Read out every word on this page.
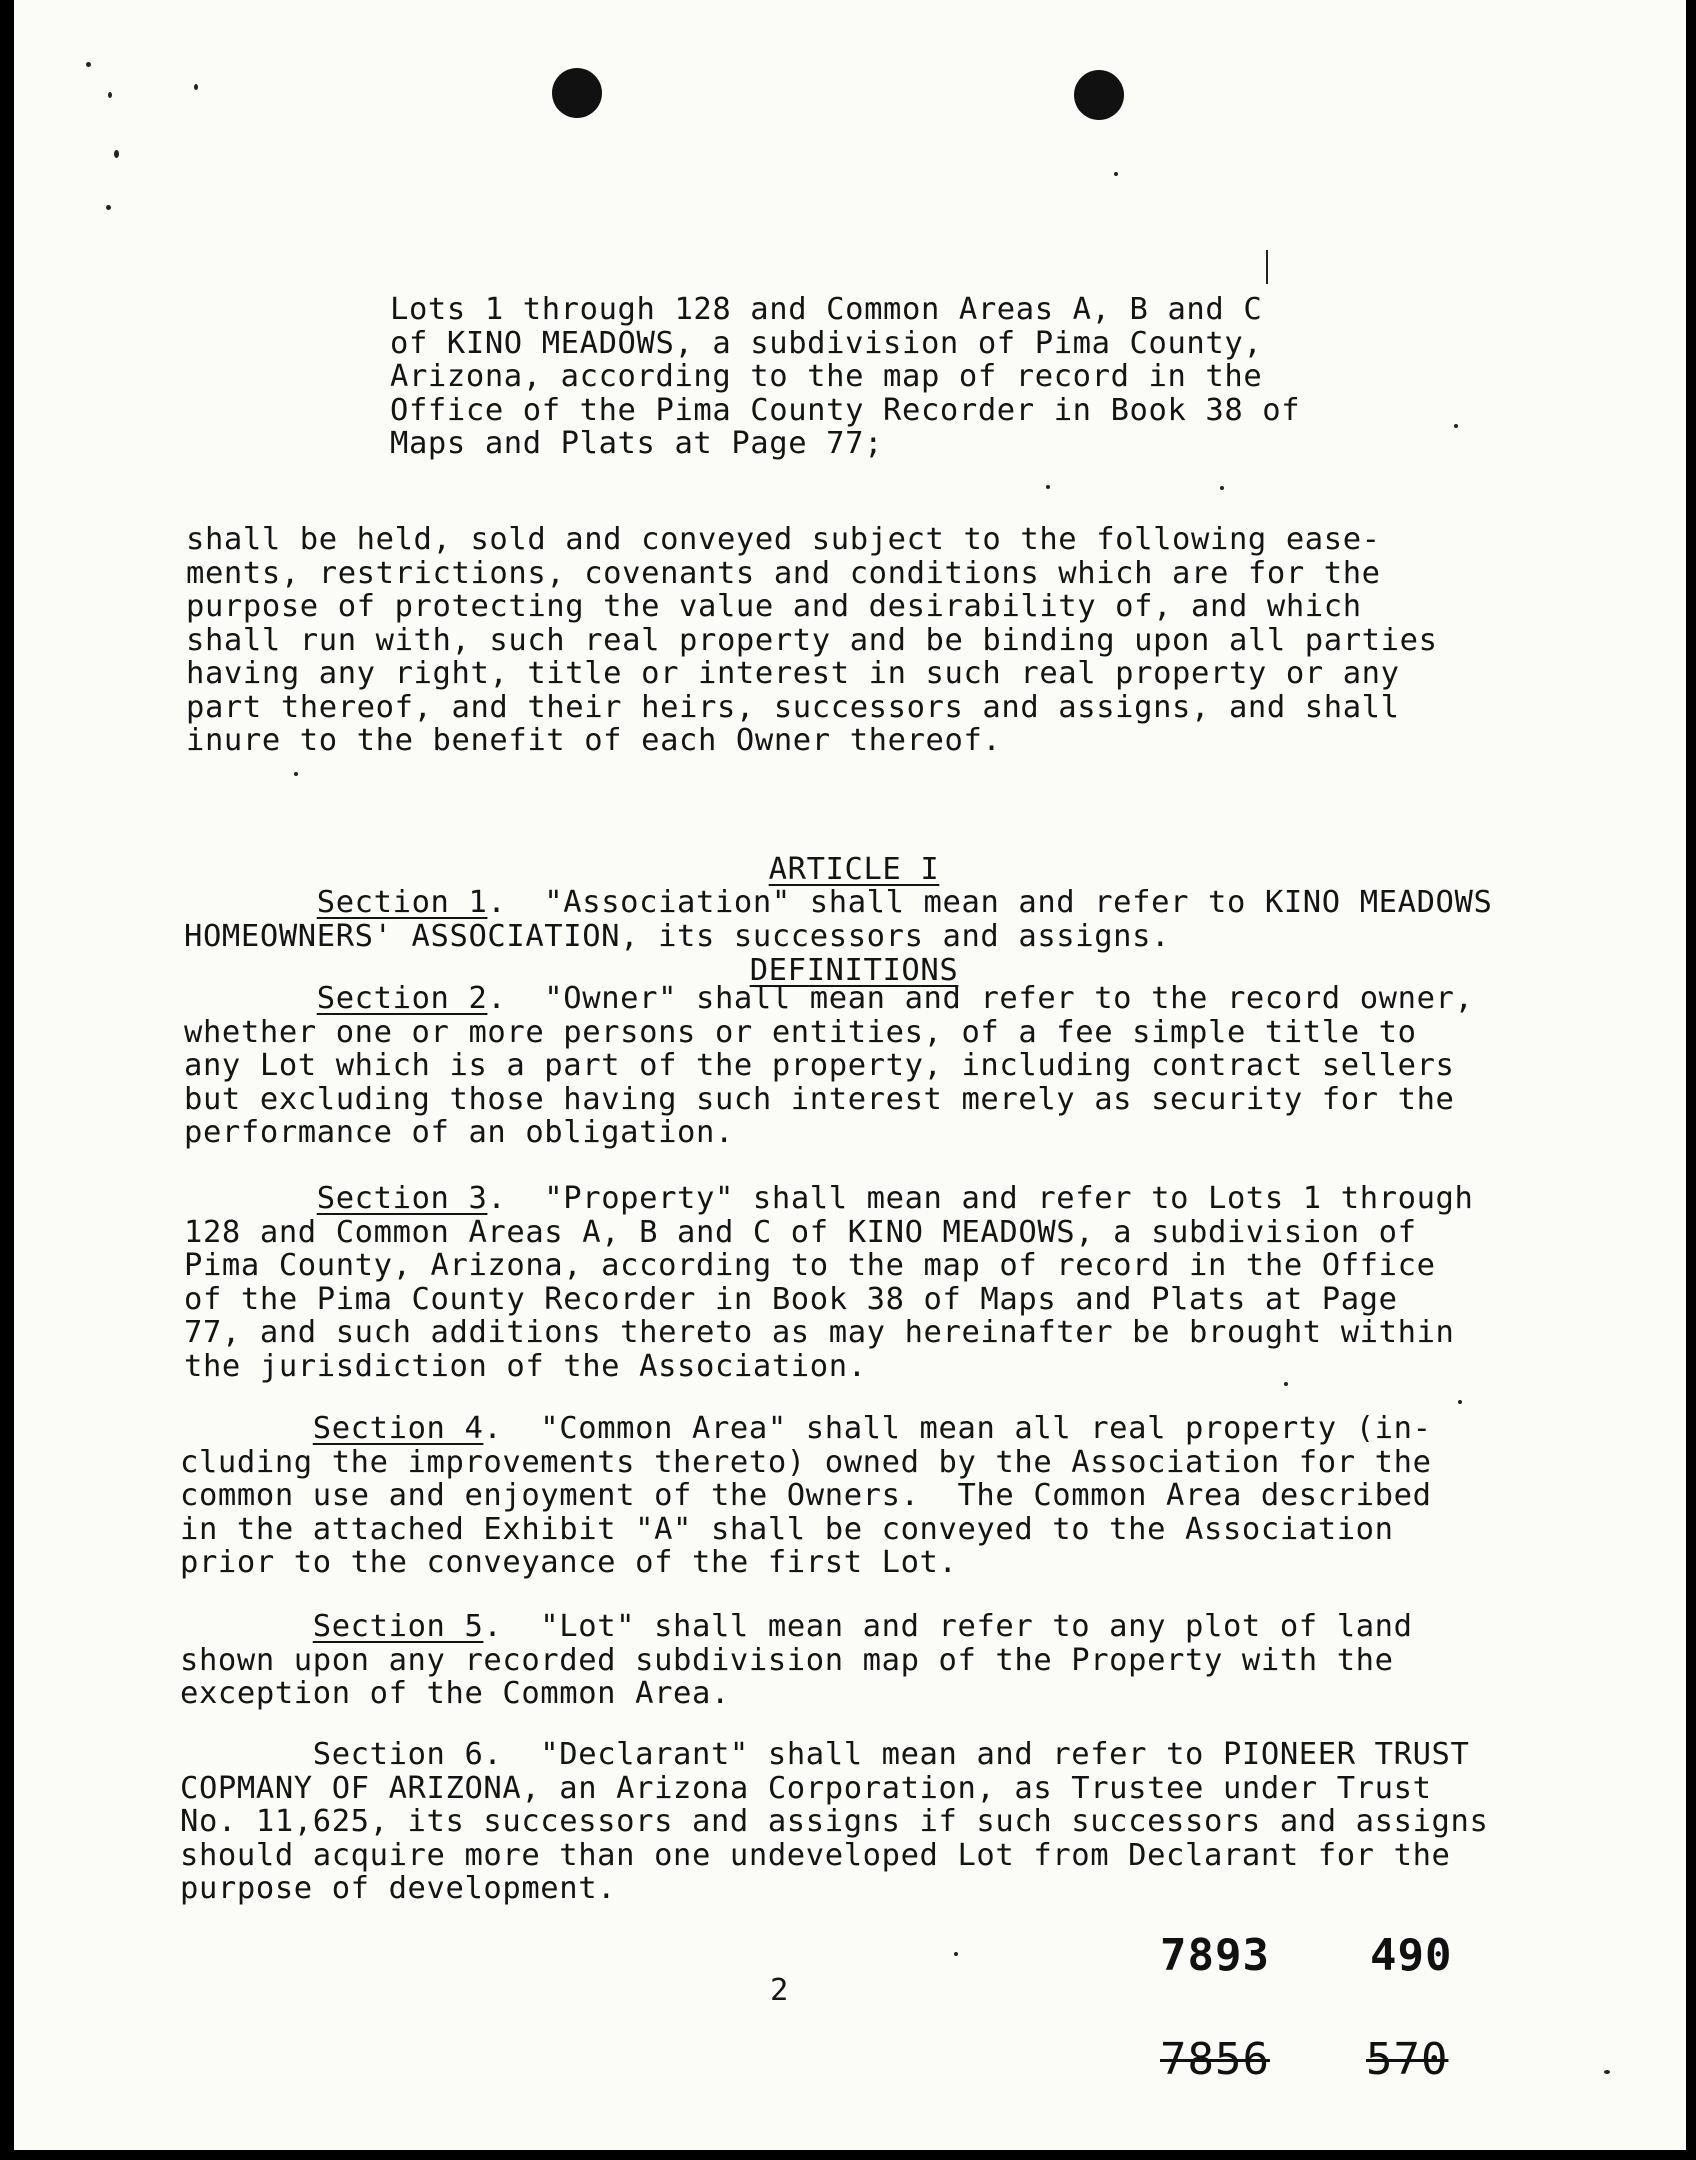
Lots 1 through 128 and Common Areas A, B and C
of KINO MEADOWS, a subdivision of Pima County,
Arizona, according to the map of record in the
Office of the Pima County Recorder in Book 38 of
Maps and Plats at Page 77;

shall be held, sold and conveyed subject to the following ease-
ments, restrictions, covenants and conditions which are for the
purpose of protecting the value and desirability of, and which
shall run with, such real property and be binding upon all parties
having any right, title or interest in such real property or any
part thereof, and their heirs, successors and assigns, and shall
inure to the benefit of each Owner thereof.

ARTICLE I

DEFINITIONS

Section 1.  "Association" shall mean and refer to KINO MEADOWS
HOMEOWNERS' ASSOCIATION, its successors and assigns.
Section 2.  "Owner" shall mean and refer to the record owner,
whether one or more persons or entities, of a fee simple title to
any Lot which is a part of the property, including contract sellers
but excluding those having such interest merely as security for the
performance of an obligation.
Section 3.  "Property" shall mean and refer to Lots 1 through
128 and Common Areas A, B and C of KINO MEADOWS, a subdivision of
Pima County, Arizona, according to the map of record in the Office
of the Pima County Recorder in Book 38 of Maps and Plats at Page
77, and such additions thereto as may hereinafter be brought within
the jurisdiction of the Association.
Section 4.  "Common Area" shall mean all real property (in-
cluding the improvements thereto) owned by the Association for the
common use and enjoyment of the Owners.  The Common Area described
in the attached Exhibit "A" shall be conveyed to the Association
prior to the conveyance of the first Lot.
Section 5.  "Lot" shall mean and refer to any plot of land
shown upon any recorded subdivision map of the Property with the
exception of the Common Area.
Section 6.  "Declarant" shall mean and refer to PIONEER TRUST
COPMANY OF ARIZONA, an Arizona Corporation, as Trustee under Trust
No. 11,625, its successors and assigns if such successors and assigns
should acquire more than one undeveloped Lot from Declarant for the
purpose of development.
2
7893 490
7856 570
